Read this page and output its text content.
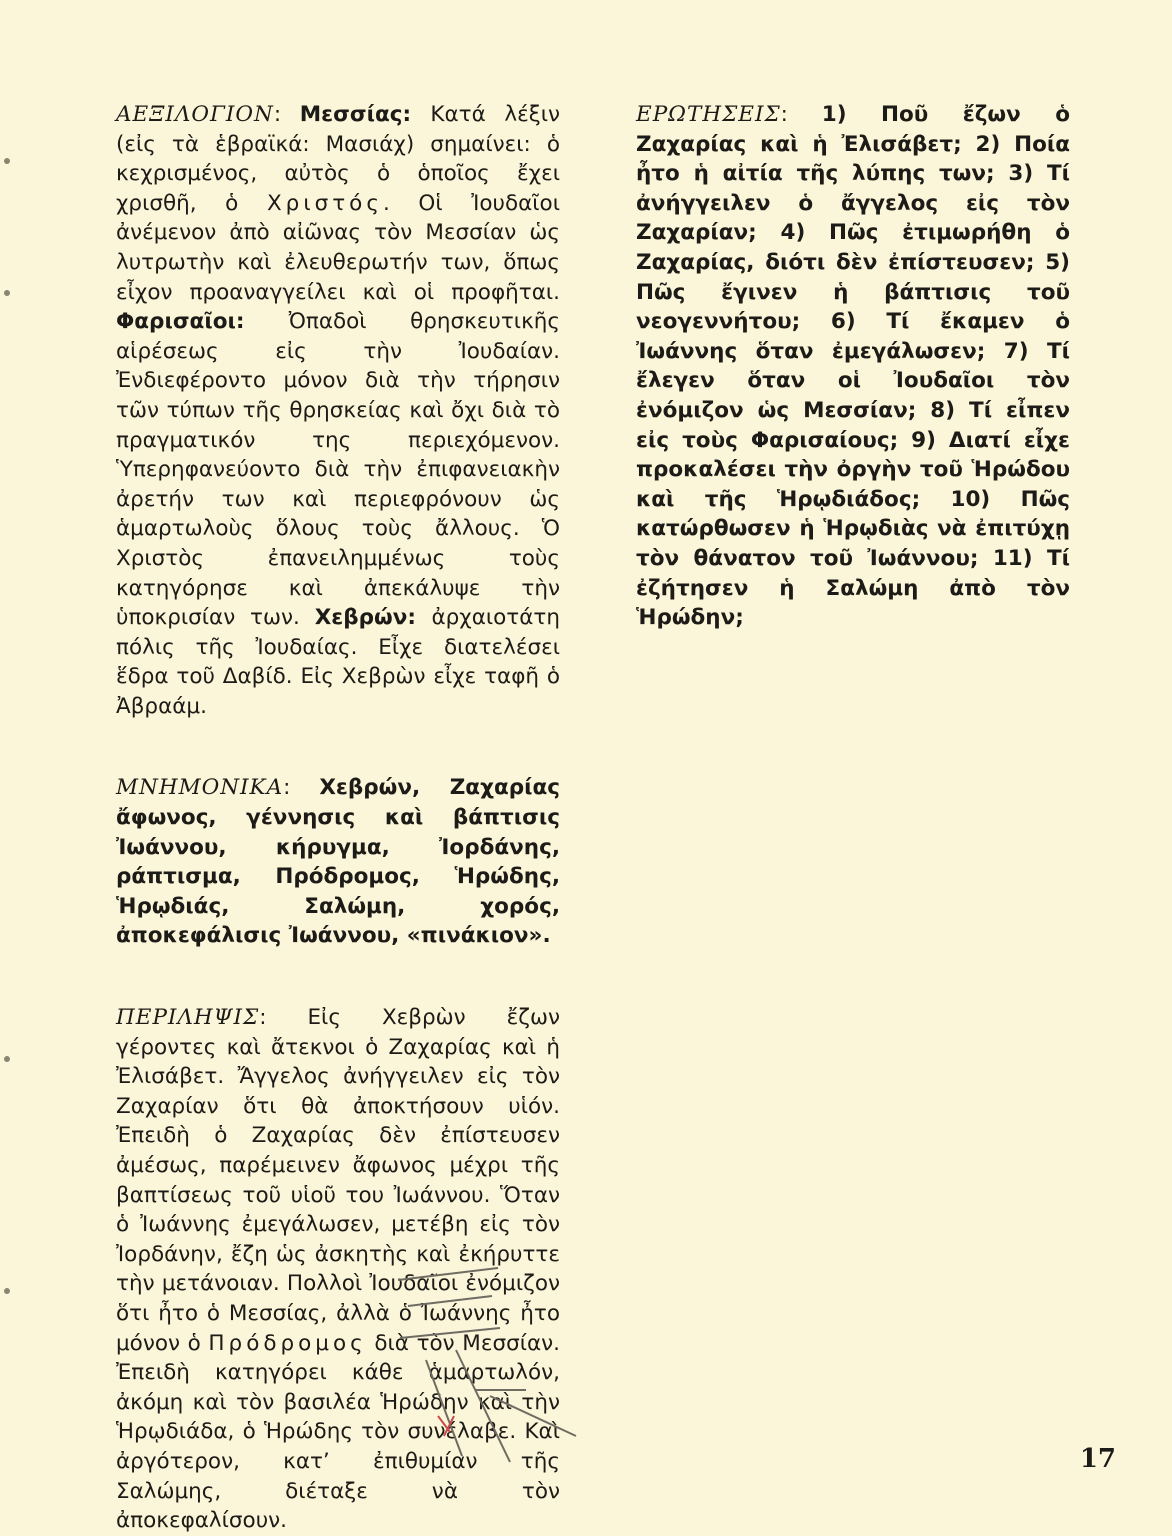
ΑΕΞΙΛΟΓΙΟΝ: Μεσσίας: Κατά λέξιν (εἰς τὰ ἑβραϊκά: Μασιάχ) σημαίνει: ὁ κεχρισμένος, αὐτὸς ὁ ὁποῖος ἔχει χρισθῆ, ὁ Χριστός. Οἱ Ἰουδαῖοι ἀνέμενον ἀπὸ αἰῶνας τὸν Μεσσίαν ὡς λυτρωτὴν καὶ ἐλευθερωτήν των, ὅπως εἶχον προαναγγείλει καὶ οἱ προφῆται. Φαρισαῖοι: Ὀπαδοὶ θρησκευτικῆς αἱρέσεως εἰς τὴν Ἰουδαίαν. Ἐνδιεφέροντο μόνον διὰ τὴν τήρησιν τῶν τύπων τῆς θρησκείας καὶ ὄχι διὰ τὸ πραγματικόν της περιεχόμενον. Ὑπερηφανεύοντο διὰ τὴν ἐπιφανειακὴν ἀρετήν των καὶ περιεφρόνουν ὡς ἁμαρτωλοὺς ὅλους τοὺς ἄλλους. Ὁ Χριστὸς ἐπανειλημμένως τοὺς κατηγόρησε καὶ ἀπεκάλυψε τὴν ὑποκρισίαν των. Χεβρών: ἀρχαιοτάτη πόλις τῆς Ἰουδαίας. Εἶχε διατελέσει ἕδρα τοῦ Δαβίδ. Εἰς Χεβρὼν εἶχε ταφῆ ὁ Ἀβραάμ.

ΜΝΗΜΟΝΙΚΑ: Χεβρών, Ζαχαρίας ἄφωνος, γέννησις καὶ βάπτισις Ἰωάννου, κήρυγμα, Ἰορδάνης, ράπτισμα, Πρόδρομος, Ἡρώδης, Ἡρῳδιάς, Σαλώμη, χορός, ἀποκεφάλισις Ἰωάννου, «πινάκιον».

ΠΕΡΙΛΗΨΙΣ: Εἰς Χεβρὼν ἔζων γέροντες καὶ ἄτεκνοι ὁ Ζαχαρίας καὶ ἡ Ἐλισάβετ. Ἄγγελος ἀνήγγειλεν εἰς τὸν Ζαχαρίαν ὅτι θὰ ἀποκτήσουν υἱόν. Ἐπειδὴ ὁ Ζαχαρίας δὲν ἐπίστευσεν ἀμέσως, παρέμεινεν ἄφωνος μέχρι τῆς βαπτίσεως τοῦ υἱοῦ του Ἰωάννου. Ὅταν ὁ Ἰωάννης ἐμεγάλωσεν, μετέβη εἰς τὸν Ἰορδάνην, ἔζη ὡς ἀσκητὴς καὶ ἐκήρυττε τὴν μετάνοιαν. Πολλοὶ Ἰουδαῖοι ἐνόμιζον ὅτι ἦτο ὁ Μεσσίας, ἀλλὰ ὁ Ἰωάννης ἦτο μόνον ὁ Πρόδρομος διὰ τὸν Μεσσίαν. Ἐπειδὴ κατηγόρει κάθε ἁμαρτωλόν, ἀκόμη καὶ τὸν βασιλέα Ἡρώδην καὶ τὴν Ἡρῳδιάδα, ὁ Ἡρώδης τὸν συνέλαβε. Καὶ ἀργότερον, κατ’ ἐπιθυμίαν τῆς Σαλώμης, διέταξε νὰ τὸν ἀποκεφαλίσουν.

ΕΡΩΤΗΣΕΙΣ: 1) Ποῦ ἔζων ὁ Ζαχαρίας καὶ ἡ Ἐλισάβετ; 2) Ποία ἦτο ἡ αἰτία τῆς λύπης των; 3) Τί ἀνήγγειλεν ὁ ἄγγελος εἰς τὸν Ζαχαρίαν; 4) Πῶς ἐτιμωρήθη ὁ Ζαχαρίας, διότι δὲν ἐπίστευσεν; 5) Πῶς ἔγινεν ἡ βάπτισις τοῦ νεογεννήτου; 6) Τί ἔκαμεν ὁ Ἰωάννης ὅταν ἐμεγάλωσεν; 7) Τί ἔλεγεν ὅταν οἱ Ἰουδαῖοι τὸν ἐνόμιζον ὡς Μεσσίαν; 8) Τί εἶπεν εἰς τοὺς Φαρισαίους; 9) Διατί εἶχε προκαλέσει τὴν ὀργὴν τοῦ Ἡρώδου καὶ τῆς Ἡρῳδιάδος; 10) Πῶς κατώρθωσεν ἡ Ἡρῳδιὰς νὰ ἐπιτύχῃ τὸν θάνατον τοῦ Ἰωάννου; 11) Τί ἐζήτησεν ἡ Σαλώμη ἀπὸ τὸν Ἡρώδην;

17
